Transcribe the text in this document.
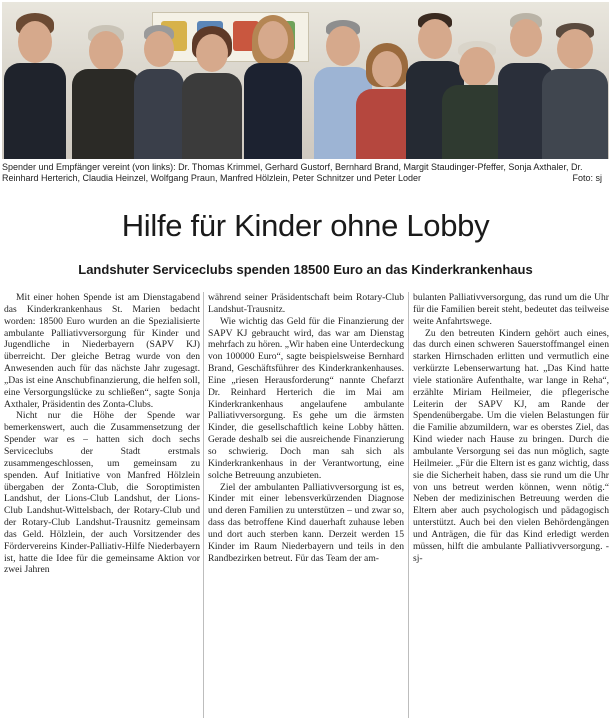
Spender und Empfänger vereint (von links): Dr. Thomas Krimmel, Gerhard Gustorf, Bernhard Brand, Margit Staudinger-Pfeffer, Sonja Axthaler, Dr. Reinhard Herterich, Claudia Heinzel, Wolfgang Praun, Manfred Hölzlein, Peter Schnitzer und Peter Loder	Foto: sj
Hilfe für Kinder ohne Lobby
Landshuter Serviceclubs spenden 18500 Euro an das Kinderkrankenhaus

Mit einer hohen Spende ist am Dienstagabend das Kinderkrankenhaus St. Marien bedacht worden: 18500 Euro wurden an die Spezialisierte ambulante Palliativversorgung für Kinder und Jugendliche in Niederbayern (SAPV KJ) überreicht. Der gleiche Betrag wurde von den Anwesenden auch für das nächste Jahr zugesagt. „Das ist eine Anschubfinanzierung, die helfen soll, eine Versorgungslücke zu schließen“, sagte Sonja Axthaler, Präsidentin des Zonta-Clubs.

Nicht nur die Höhe der Spende war bemerkenswert, auch die Zusammensetzung der Spender war es – hatten sich doch sechs Serviceclubs der Stadt erstmals zusammengeschlossen, um gemeinsam zu spenden. Auf Initiative von Manfred Hölzlein übergaben der Zonta-Club, die Soroptimisten Landshut, der Lions-Club Landshut, der Lions-Club Landshut-Wittelsbach, der Rotary-Club und der Rotary-Club Landshut-Trausnitz gemeinsam das Geld. Hölzlein, der auch Vorsitzender des Fördervereins Kinder-Palliativ-Hilfe Niederbayern ist, hatte die Idee für die gemeinsame Aktion vor zwei Jahren

während seiner Präsidentschaft beim Rotary-Club Landshut-Trausnitz.

Wie wichtig das Geld für die Finanzierung der SAPV KJ gebraucht wird, das war am Dienstag mehrfach zu hören. „Wir haben eine Unterdeckung von 100000 Euro“, sagte beispielsweise Bernhard Brand, Geschäftsführer des Kinderkrankenhauses. Eine „riesen Herausforderung“ nannte Chefarzt Dr. Reinhard Herterich die im Mai am Kinderkrankenhaus angelaufene ambulante Palliativversorgung. Es gehe um die ärmsten Kinder, die gesellschaftlich keine Lobby hätten. Gerade deshalb sei die ausreichende Finanzierung so schwierig. Doch man sah sich als Kinderkrankenhaus in der Verantwortung, eine solche Betreuung anzubieten.

Ziel der ambulanten Palliativversorgung ist es, Kinder mit einer lebensverkürzenden Diagnose und deren Familien zu unterstützen – und zwar so, dass das betroffene Kind dauerhaft zuhause leben und dort auch sterben kann. Derzeit werden 15 Kinder im Raum Niederbayern und teils in den Randbezirken betreut. Für das Team der am-

bulanten Palliativversorgung, das rund um die Uhr für die Familien bereit steht, bedeutet das teilweise weite Anfahrtswege.

Zu den betreuten Kindern gehört auch eines, das durch einen schweren Sauerstoffmangel einen starken Hirnschaden erlitten und vermutlich eine verkürzte Lebenserwartung hat. „Das Kind hatte viele stationäre Aufenthalte, war lange in Reha“, erzählte Miriam Heilmeier, die pflegerische Leiterin der SAPV KJ, am Rande der Spendenübergabe. Um die vielen Belastungen für die Familie abzumildern, war es oberstes Ziel, das Kind wieder nach Hause zu bringen. Durch die ambulante Versorgung sei das nun möglich, sagte Heilmeier. „Für die Eltern ist es ganz wichtig, dass sie die Sicherheit haben, dass sie rund um die Uhr von uns betreut werden können, wenn nötig.“ Neben der medizinischen Betreuung werden die Eltern aber auch psychologisch und pädagogisch unterstützt. Auch bei den vielen Behördengängen und Anträgen, die für das Kind erledigt werden müssen, hilft die ambulante Palliativversorgung. -sj-
